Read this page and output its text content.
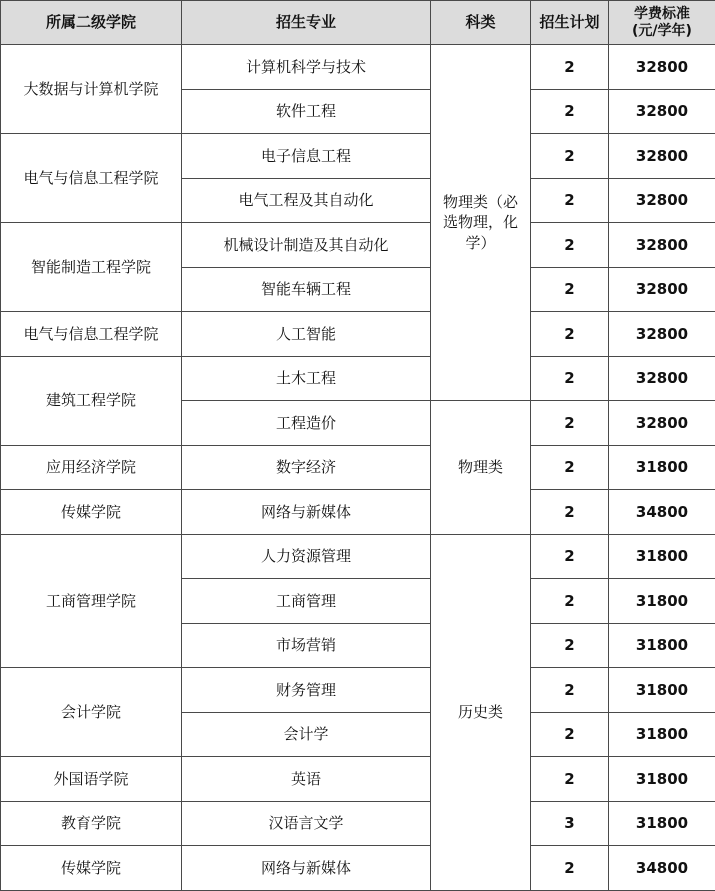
所属二级学院	招生专业	科类	招生计划	学费标准
(元/学年)

大数据与计算机学院	计算机科学与技术	物理类（必选物理，化学）	2	32800
	软件工程		2	32800
电气与信息工程学院	电子信息工程		2	32800
	电气工程及其自动化		2	32800
智能制造工程学院	机械设计制造及其自动化		2	32800
	智能车辆工程		2	32800
电气与信息工程学院	人工智能		2	32800
建筑工程学院	土木工程		2	32800
	工程造价	物理类	2	32800
应用经济学院	数字经济		2	31800
传媒学院	网络与新媒体		2	34800
工商管理学院	人力资源管理	历史类	2	31800
	工商管理		2	31800
	市场营销		2	31800
会计学院	财务管理		2	31800
	会计学		2	31800
外国语学院	英语		2	31800
教育学院	汉语言文学		3	31800
传媒学院	网络与新媒体		2	34800
